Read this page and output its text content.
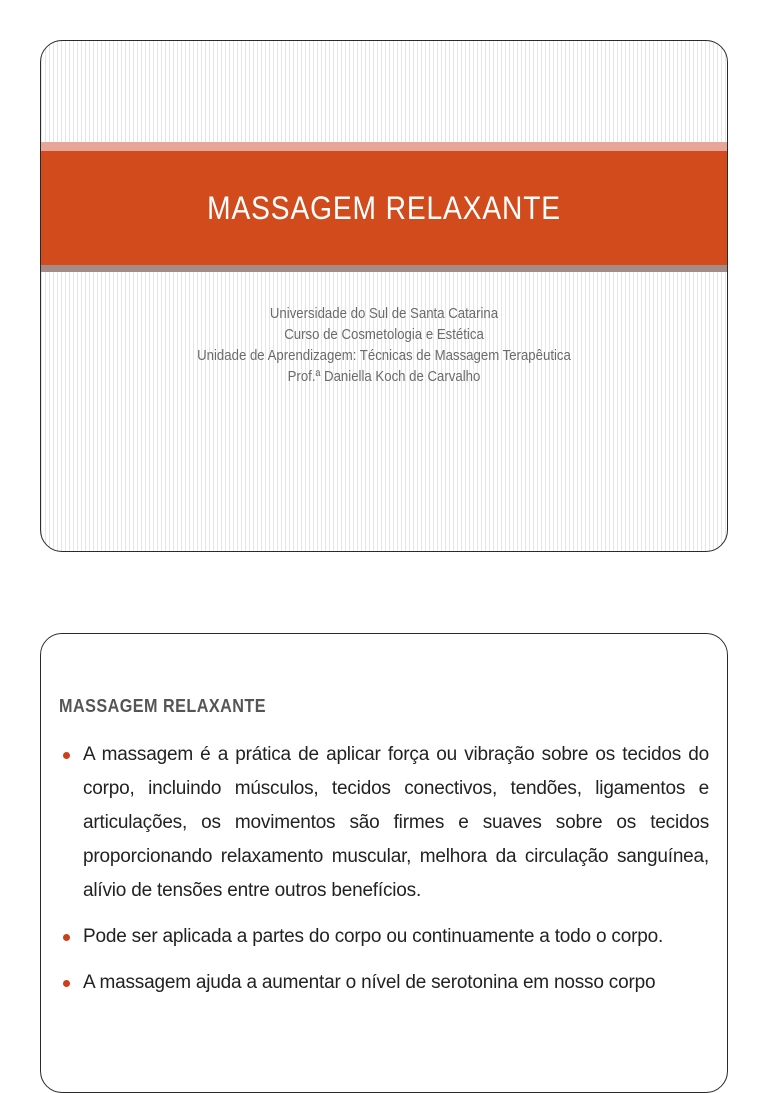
MASSAGEM RELAXANTE
Universidade do Sul de Santa Catarina
Curso de Cosmetologia e Estética
Unidade de Aprendizagem: Técnicas de Massagem Terapêutica
Prof.ª Daniella Koch de Carvalho
MASSAGEM RELAXANTE
A massagem é a prática de aplicar força ou vibração sobre os tecidos do corpo, incluindo músculos, tecidos conectivos, tendões, ligamentos e articulações, os movimentos são firmes e suaves sobre os tecidos proporcionando relaxamento muscular, melhora da circulação sanguínea, alívio de tensões entre outros benefícios.
Pode ser aplicada a partes do corpo ou continuamente a todo o corpo.
A massagem ajuda a aumentar o nível de serotonina em nosso corpo
